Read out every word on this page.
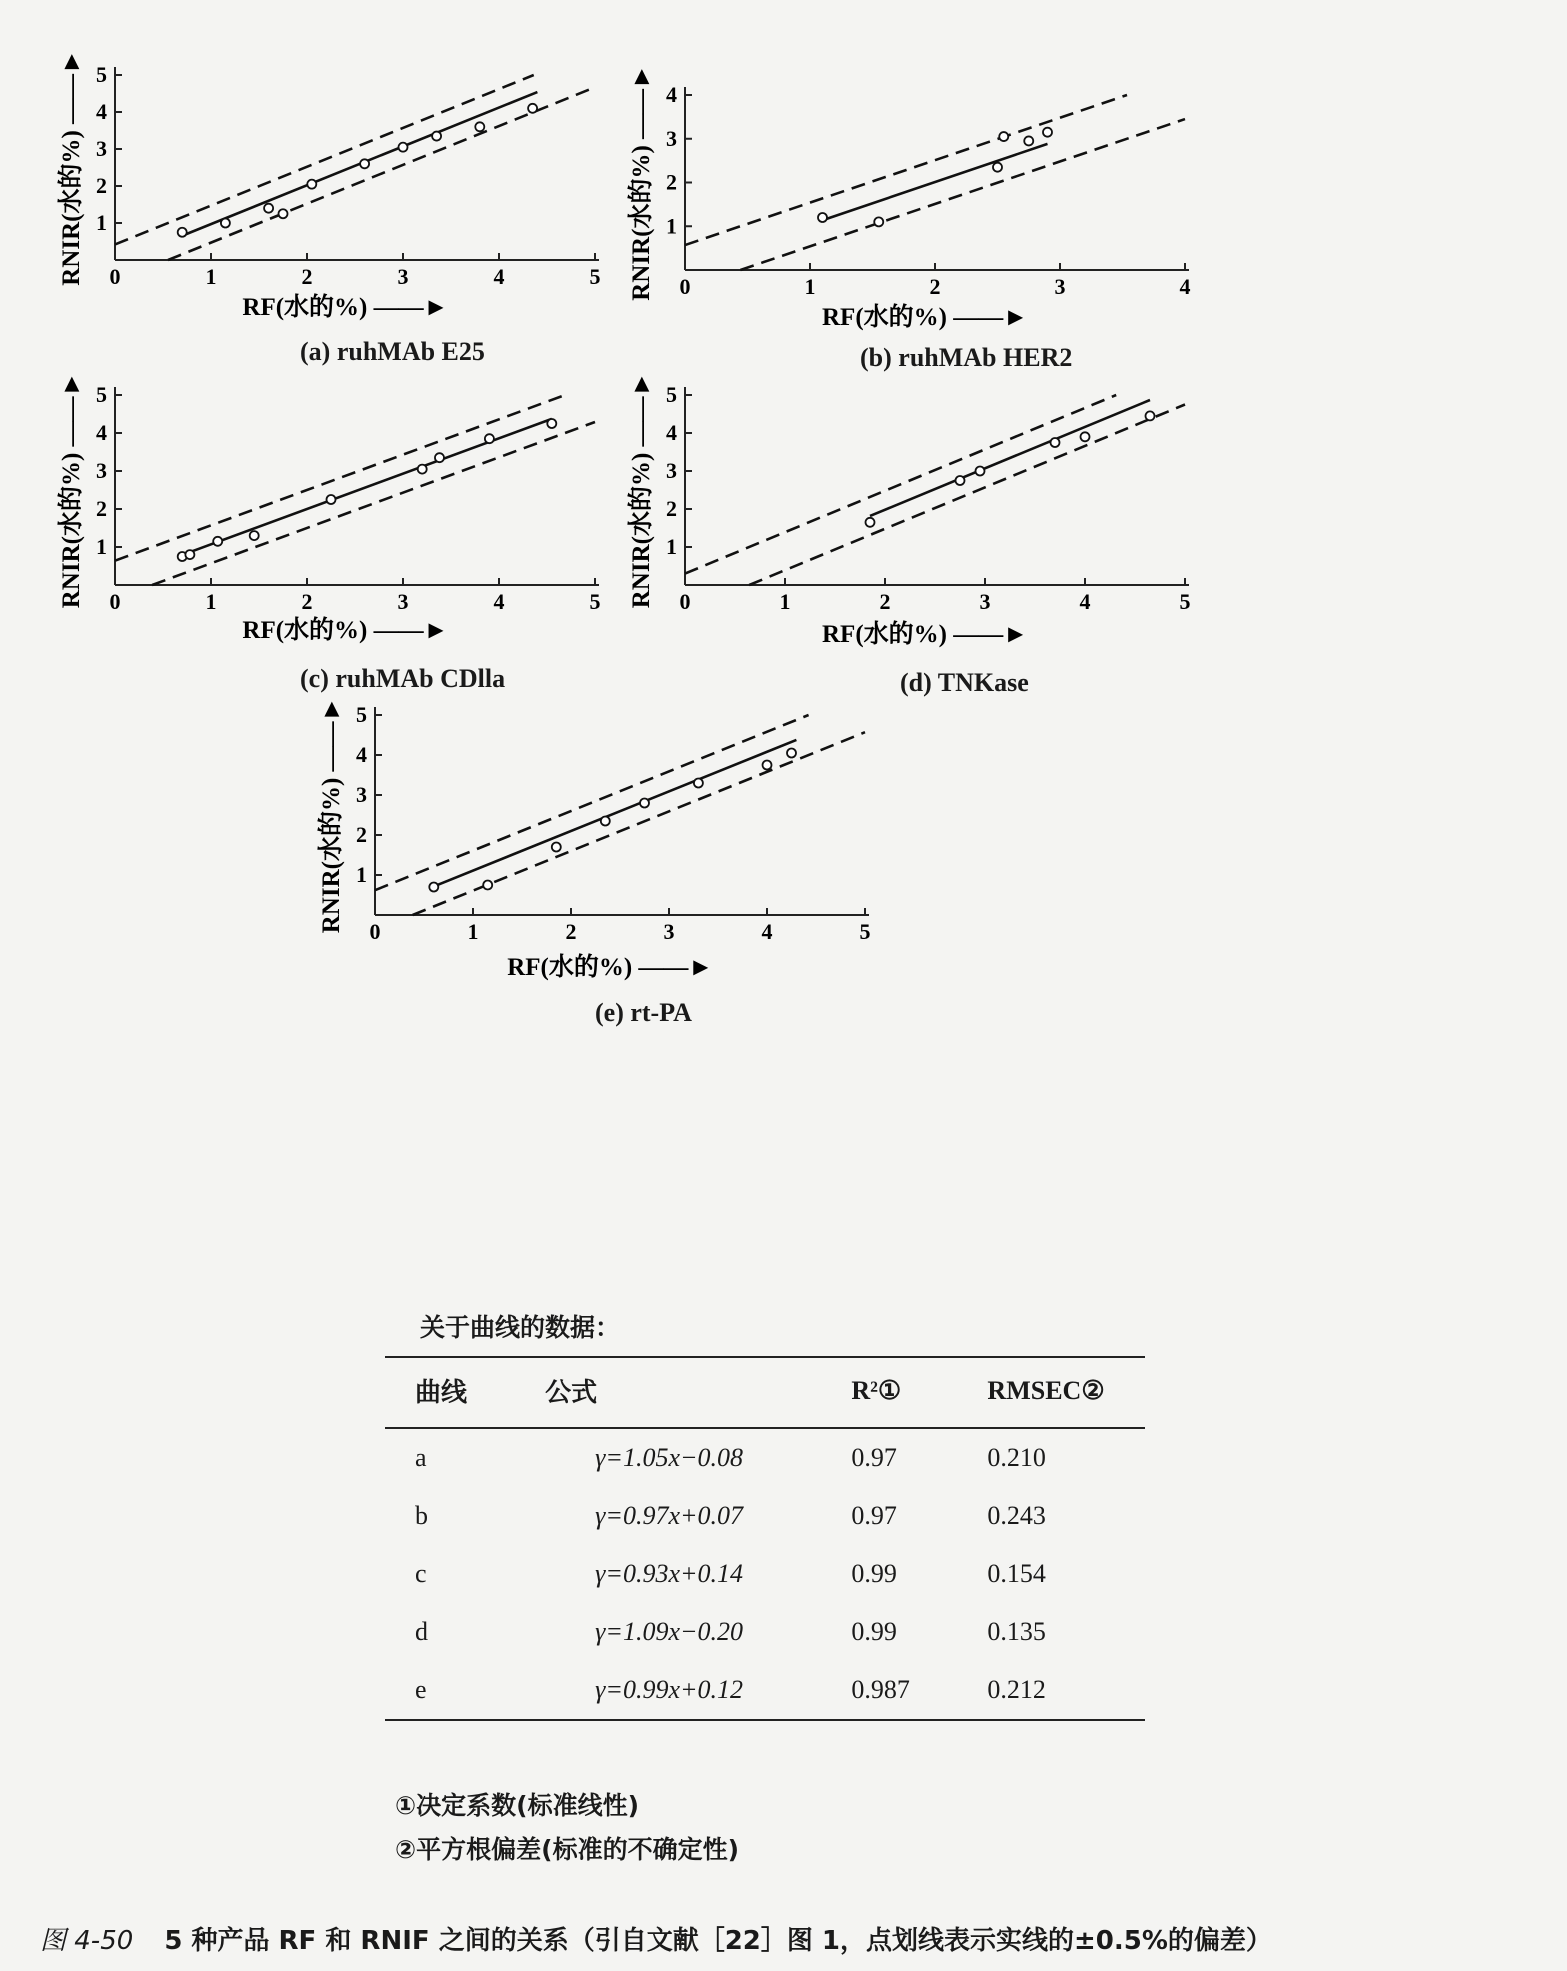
0	1	2	3	4	5
1
2
3
4
5
RF(水的%) ——►
RNIR(水的%) ——►
(a) ruhMAb E25
0	1	2	3	4
1
2
3
4
RF(水的%) ——►
RNIR(水的%) ——►
(b) ruhMAb HER2
0	1	2	3	4	5
1
2
3
4
5
RF(水的%) ——►
RNIR(水的%) ——►
(c) ruhMAb CDlla
0	1	2	3	4	5
1
2
3
4
5
RF(水的%) ——►
RNIR(水的%) ——►
(d) TNKase
0	1	2	3	4	5
1
2
3
4
5
RF(水的%) ——►
RNIR(水的%) ——►
(e) rt-PA
关于曲线的数据：
曲线	公式	R²①	RMSEC②
a	γ=1.05x−0.08	0.97	0.210
b	γ=0.97x+0.07	0.97	0.243
c	γ=0.93x+0.14	0.99	0.154
d	γ=1.09x−0.20	0.99	0.135
e	γ=0.99x+0.12	0.987	0.212
①决定系数(标准线性)
②平方根偏差(标准的不确定性)
图 4-50 5 种产品 RF 和 RNIF 之间的关系（引自文献［22］图 1，点划线表示实线的±0.5%的偏差）
